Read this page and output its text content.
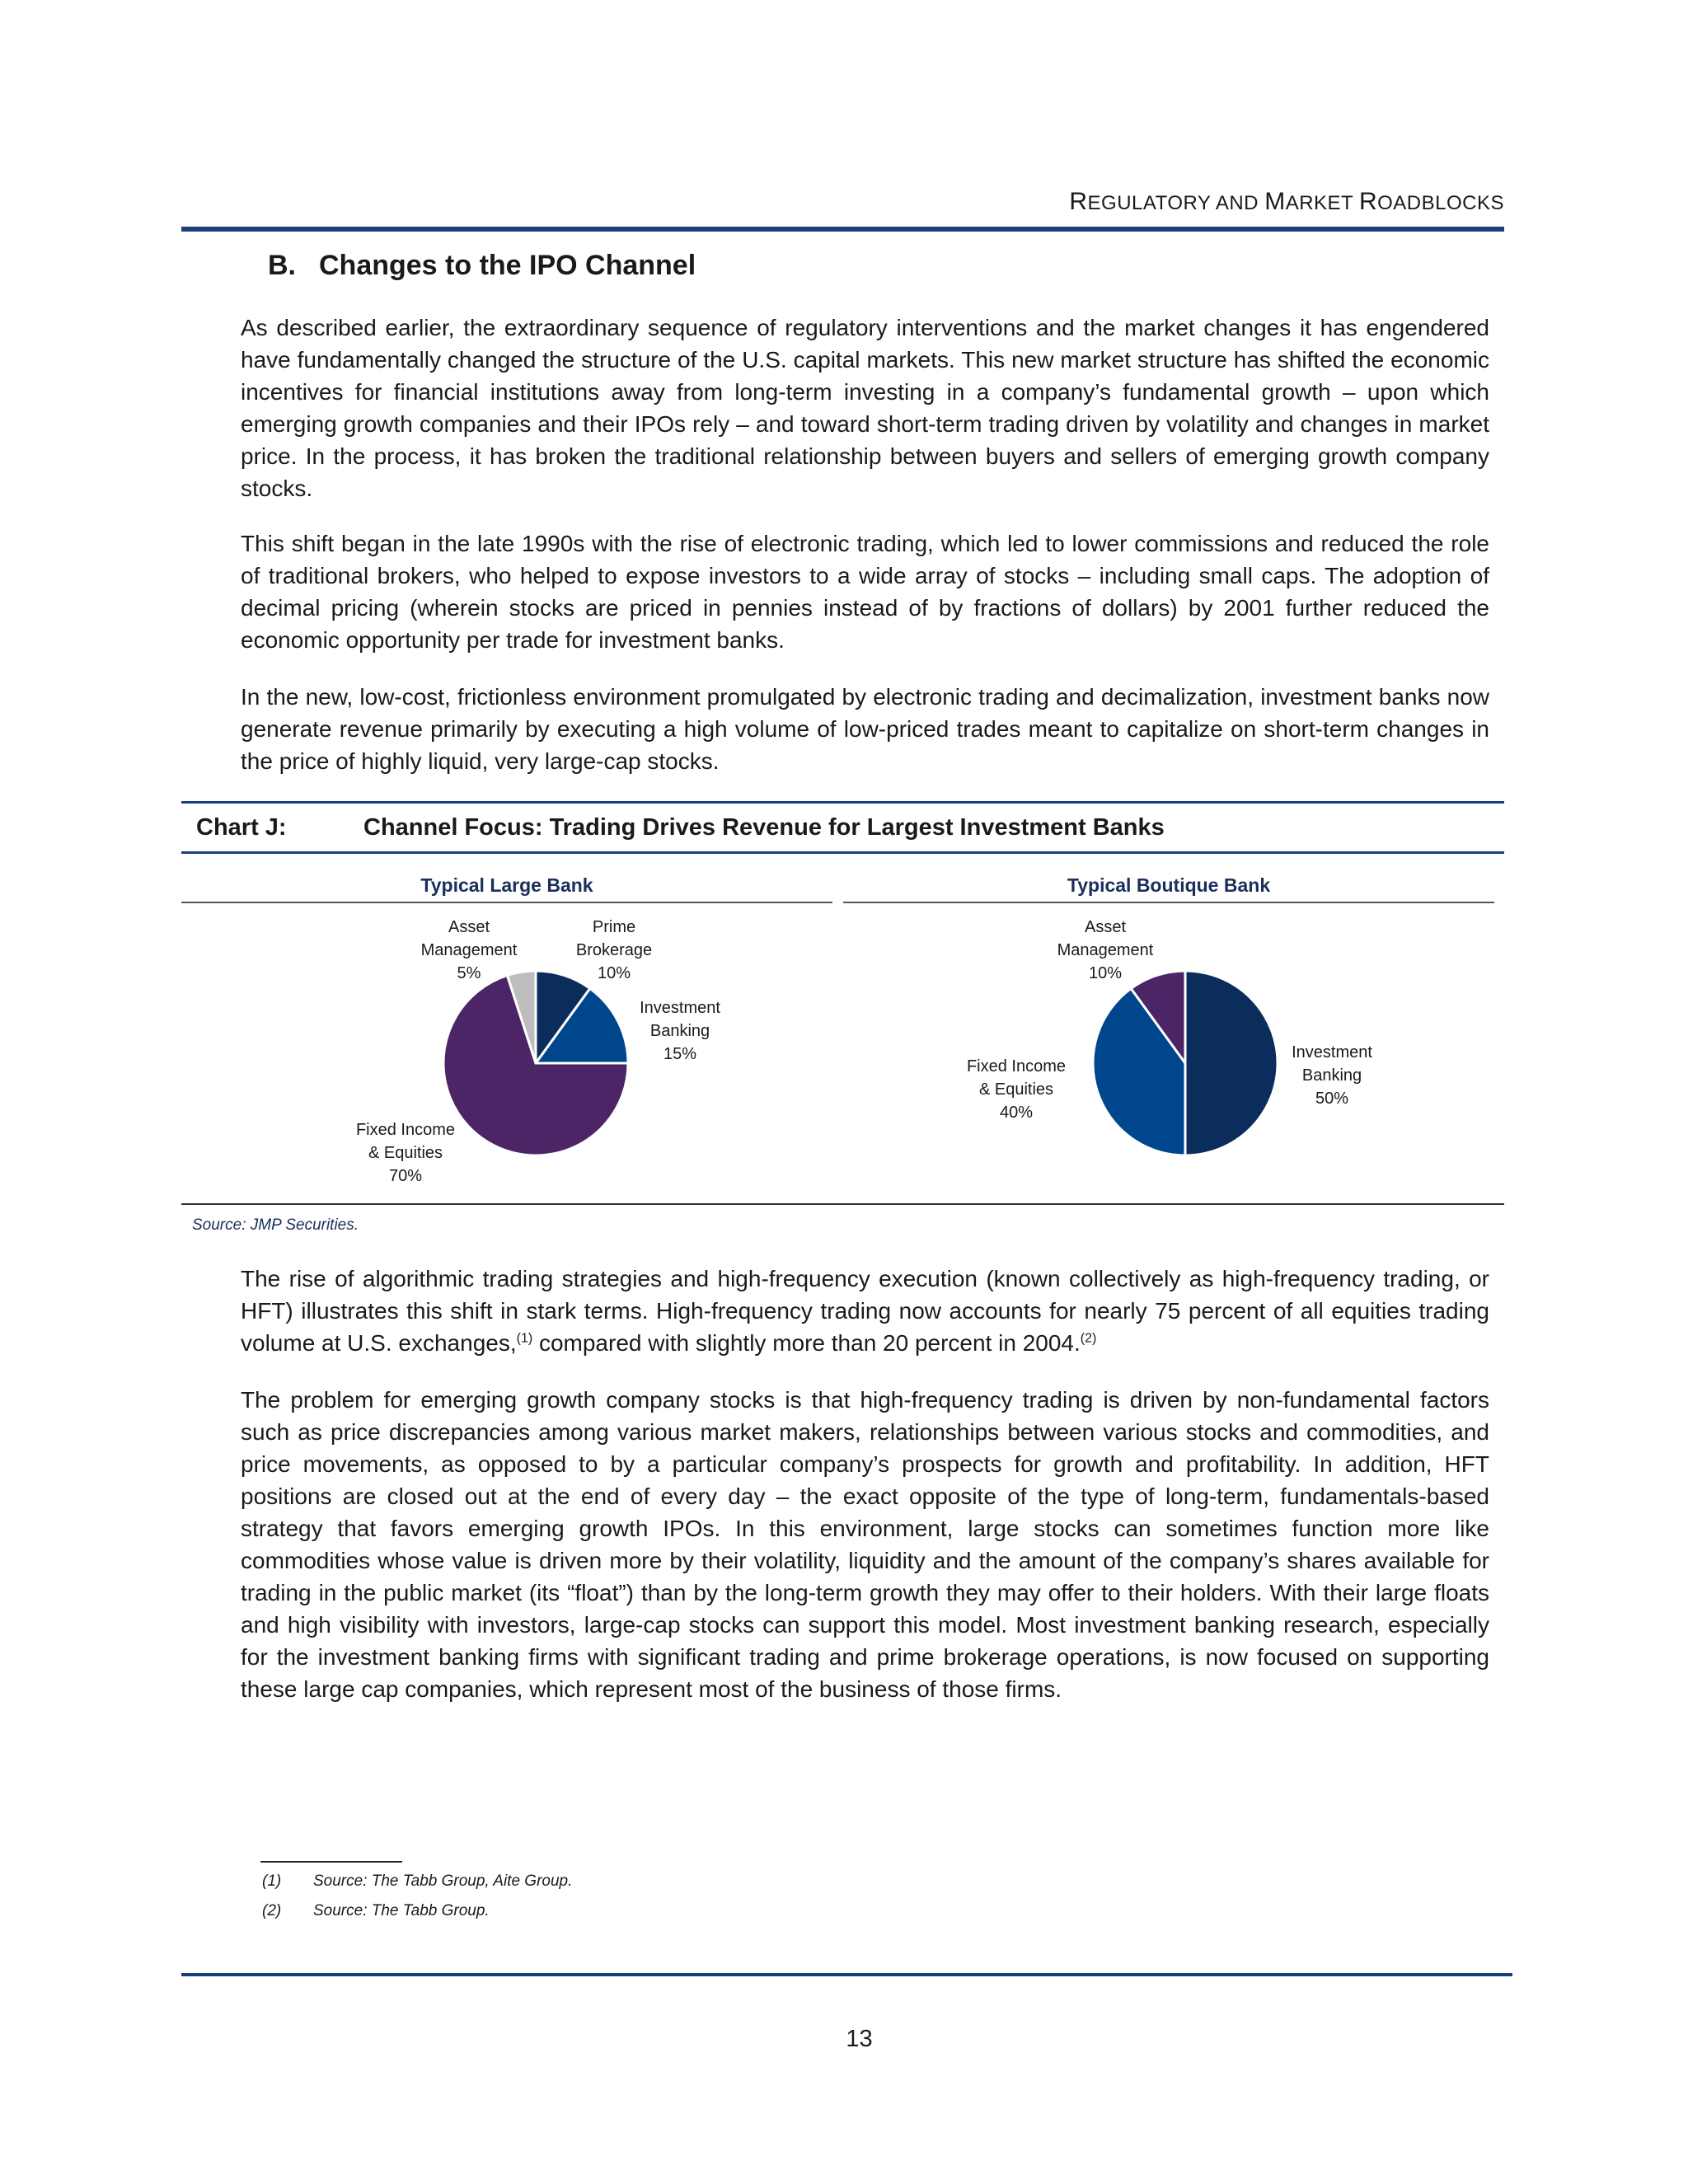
REGULATORY AND MARKET ROADBLOCKS
B. Changes to the IPO Channel
As described earlier, the extraordinary sequence of regulatory interventions and the market changes it has engendered have fundamentally changed the structure of the U.S. capital markets. This new market structure has shifted the economic incentives for financial institutions away from long-term investing in a company’s fundamental growth – upon which emerging growth companies and their IPOs rely – and toward short-term trading driven by volatility and changes in market price. In the process, it has broken the traditional relationship between buyers and sellers of emerging growth company stocks.
This shift began in the late 1990s with the rise of electronic trading, which led to lower commissions and reduced the role of traditional brokers, who helped to expose investors to a wide array of stocks – including small caps. The adoption of decimal pricing (wherein stocks are priced in pennies instead of by fractions of dollars) by 2001 further reduced the economic opportunity per trade for investment banks.
In the new, low-cost, frictionless environment promulgated by electronic trading and decimalization, investment banks now generate revenue primarily by executing a high volume of low-priced trades meant to capitalize on short-term changes in the price of highly liquid, very large-cap stocks.
Chart J:	Channel Focus: Trading Drives Revenue for Largest Investment Banks
Typical Large Bank	Typical Boutique Bank
Asset
Management
5%
Prime
Brokerage
10%
Investment
Banking
15%
Fixed Income
& Equities
70%
Asset
Management
10%
Fixed Income
& Equities
40%
Investment
Banking
50%
Source: JMP Securities.
The rise of algorithmic trading strategies and high-frequency execution (known collectively as high-frequency trading, or HFT) illustrates this shift in stark terms. High-frequency trading now accounts for nearly 75 percent of all equities trading volume at U.S. exchanges,$^{(1)}$ compared with slightly more than 20 percent in 2004.$^{(2)}$
The problem for emerging growth company stocks is that high-frequency trading is driven by non-fundamental factors such as price discrepancies among various market makers, relationships between various stocks and commodities, and price movements, as opposed to by a particular company’s prospects for growth and profitability. In addition, HFT positions are closed out at the end of every day – the exact opposite of the type of long-term, fundamentals-based strategy that favors emerging growth IPOs. In this environment, large stocks can sometimes function more like commodities whose value is driven more by their volatility, liquidity and the amount of the company’s shares available for trading in the public market (its “float”) than by the long-term growth they may offer to their holders. With their large floats and high visibility with investors, large-cap stocks can support this model. Most investment banking research, especially for the investment banking firms with significant trading and prime brokerage operations, is now focused on supporting these large cap companies, which represent most of the business of those firms.
(1) Source: The Tabb Group, Aite Group.
(2) Source: The Tabb Group.
13
